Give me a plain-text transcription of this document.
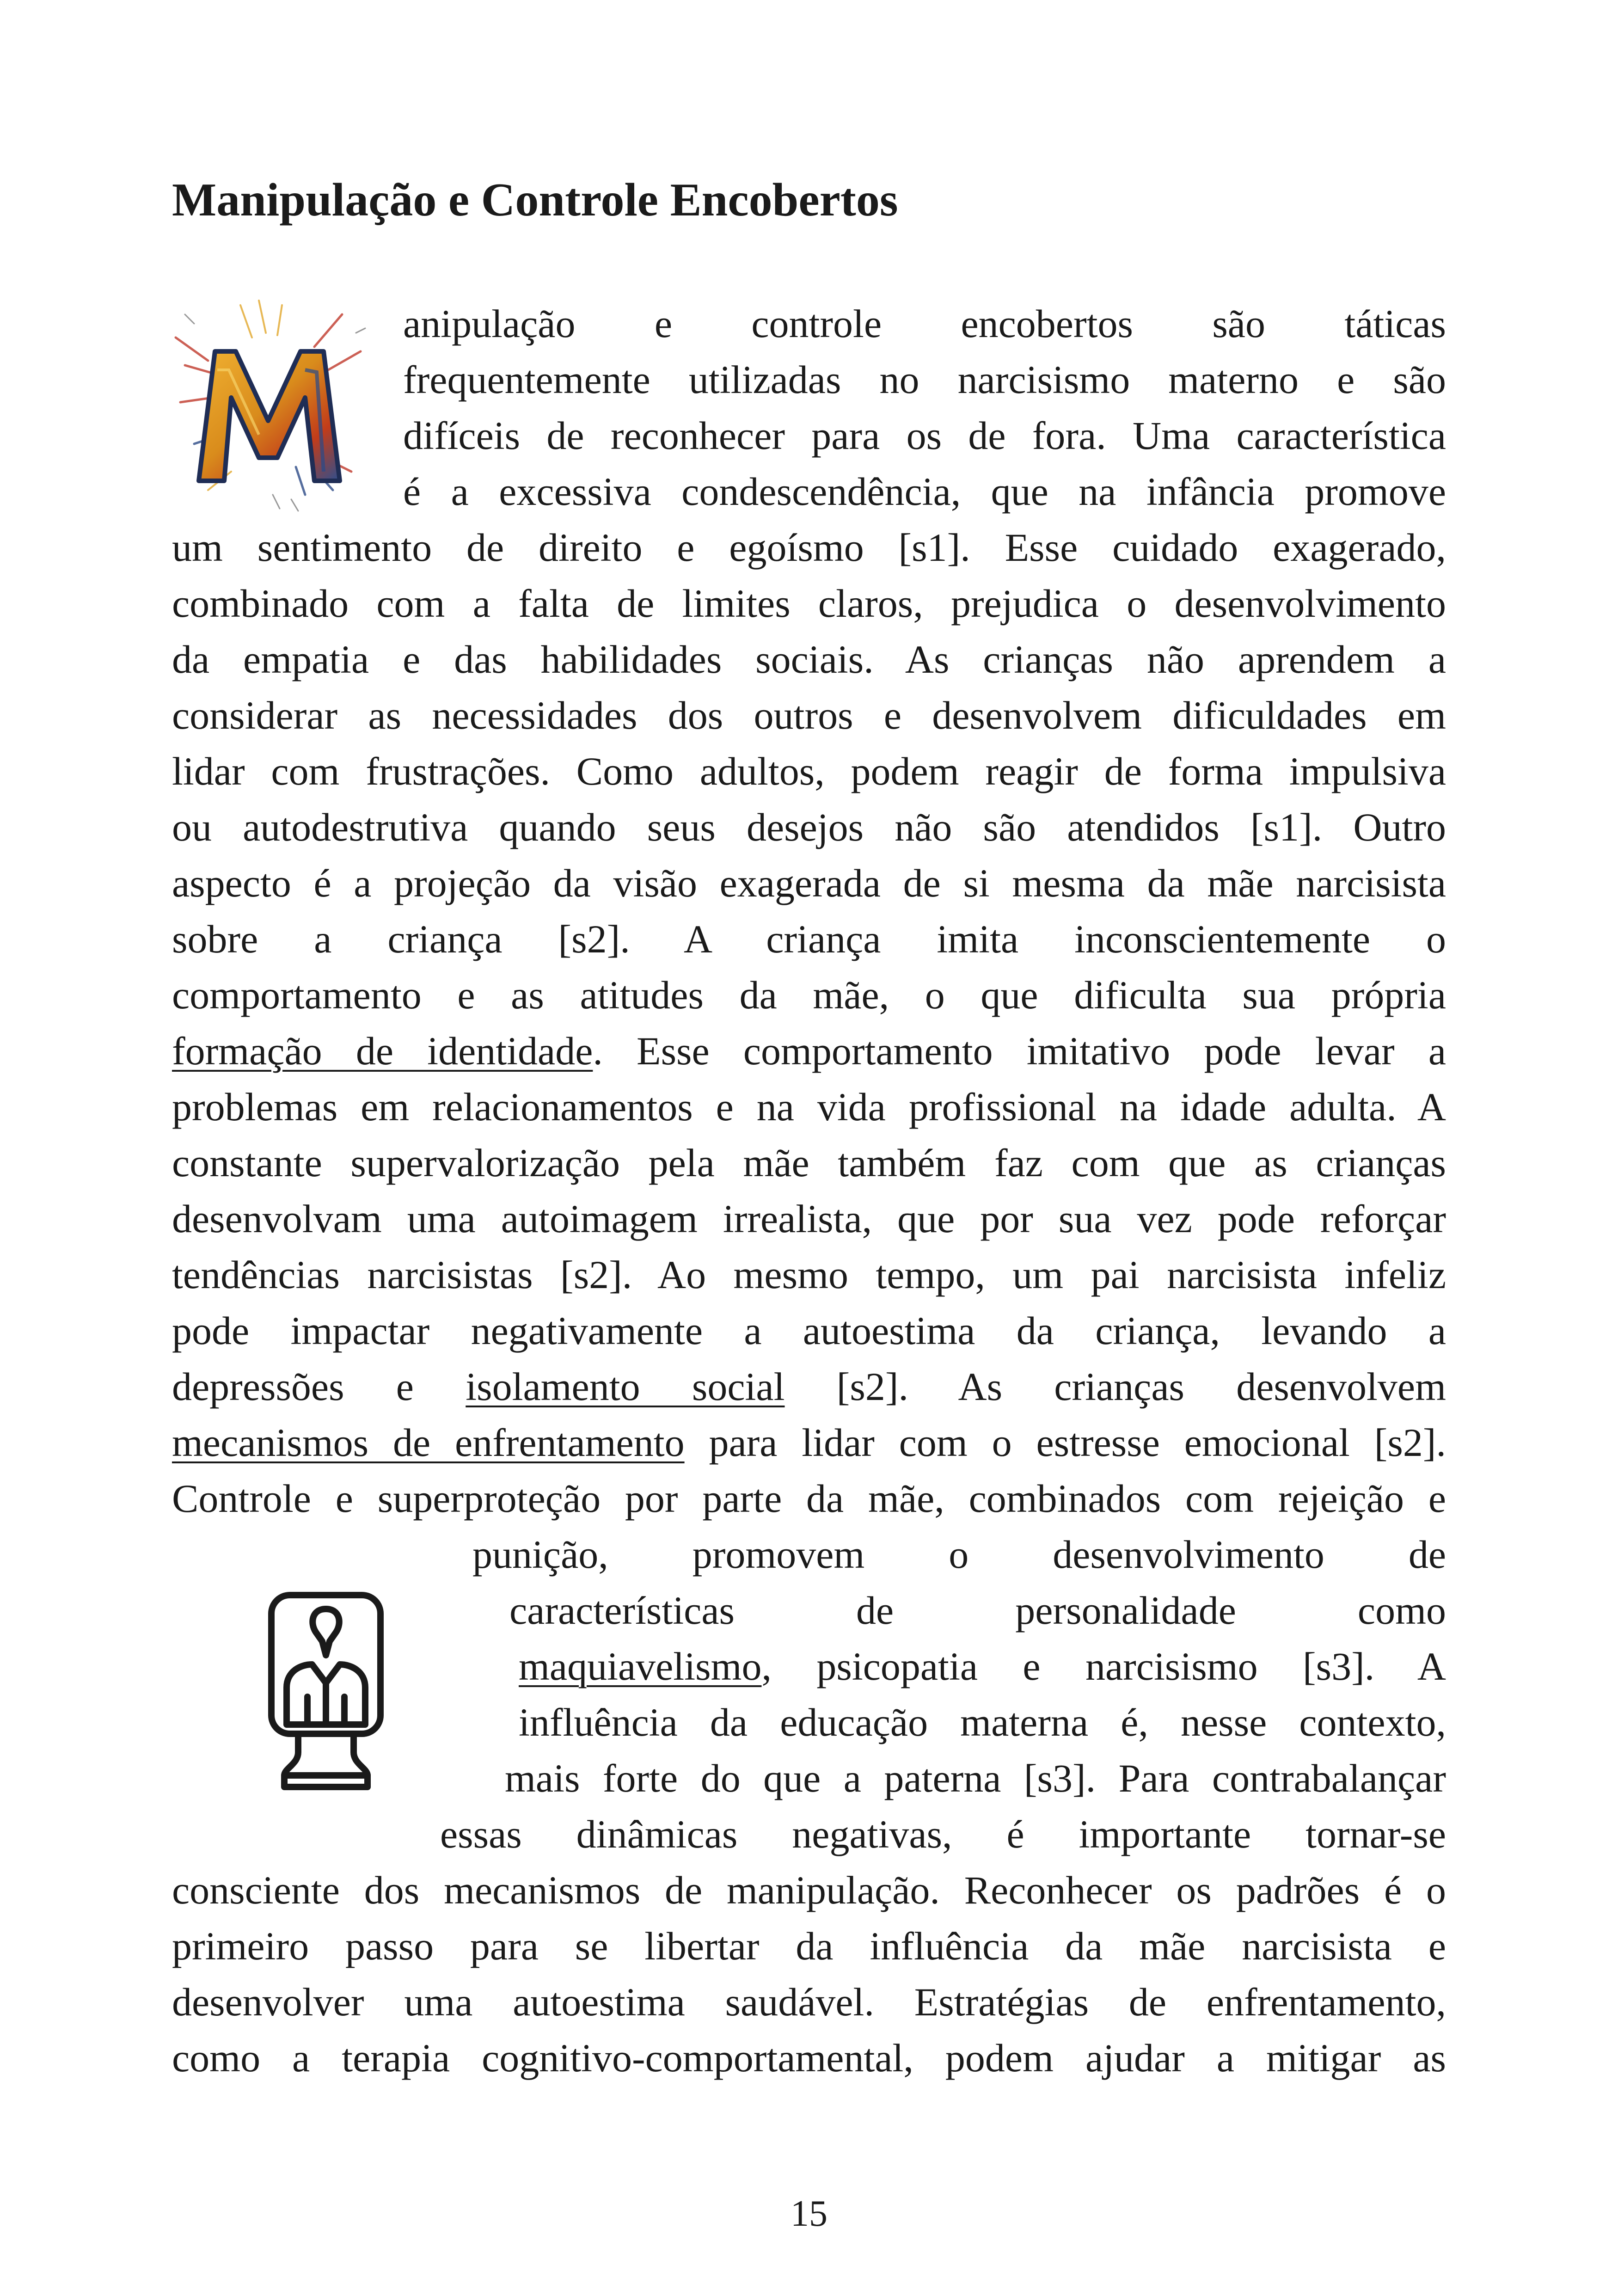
Manipulação e Controle Encobertos
anipulação e controle encobertos são táticas
frequentemente utilizadas no narcisismo materno e são
difíceis de reconhecer para os de fora. Uma característica
é a excessiva condescendência, que na infância promove
um sentimento de direito e egoísmo [s1]. Esse cuidado exagerado,
combinado com a falta de limites claros, prejudica o desenvolvimento
da empatia e das habilidades sociais. As crianças não aprendem a
considerar as necessidades dos outros e desenvolvem dificuldades em
lidar com frustrações. Como adultos, podem reagir de forma impulsiva
ou autodestrutiva quando seus desejos não são atendidos [s1]. Outro
aspecto é a projeção da visão exagerada de si mesma da mãe narcisista
sobre a criança [s2]. A criança imita inconscientemente o
comportamento e as atitudes da mãe, o que dificulta sua própria
formação de identidade. Esse comportamento imitativo pode levar a
problemas em relacionamentos e na vida profissional na idade adulta. A
constante supervalorização pela mãe também faz com que as crianças
desenvolvam uma autoimagem irrealista, que por sua vez pode reforçar
tendências narcisistas [s2]. Ao mesmo tempo, um pai narcisista infeliz
pode impactar negativamente a autoestima da criança, levando a
depressões e isolamento social [s2]. As crianças desenvolvem
mecanismos de enfrentamento para lidar com o estresse emocional [s2].
Controle e superproteção por parte da mãe, combinados com rejeição e
punição, promovem o desenvolvimento de
características de personalidade como
maquiavelismo, psicopatia e narcisismo [s3]. A
influência da educação materna é, nesse contexto,
mais forte do que a paterna [s3]. Para contrabalançar
essas dinâmicas negativas, é importante tornar-se
consciente dos mecanismos de manipulação. Reconhecer os padrões é o
primeiro passo para se libertar da influência da mãe narcisista e
desenvolver uma autoestima saudável. Estratégias de enfrentamento,
como a terapia cognitivo-comportamental, podem ajudar a mitigar as
15
